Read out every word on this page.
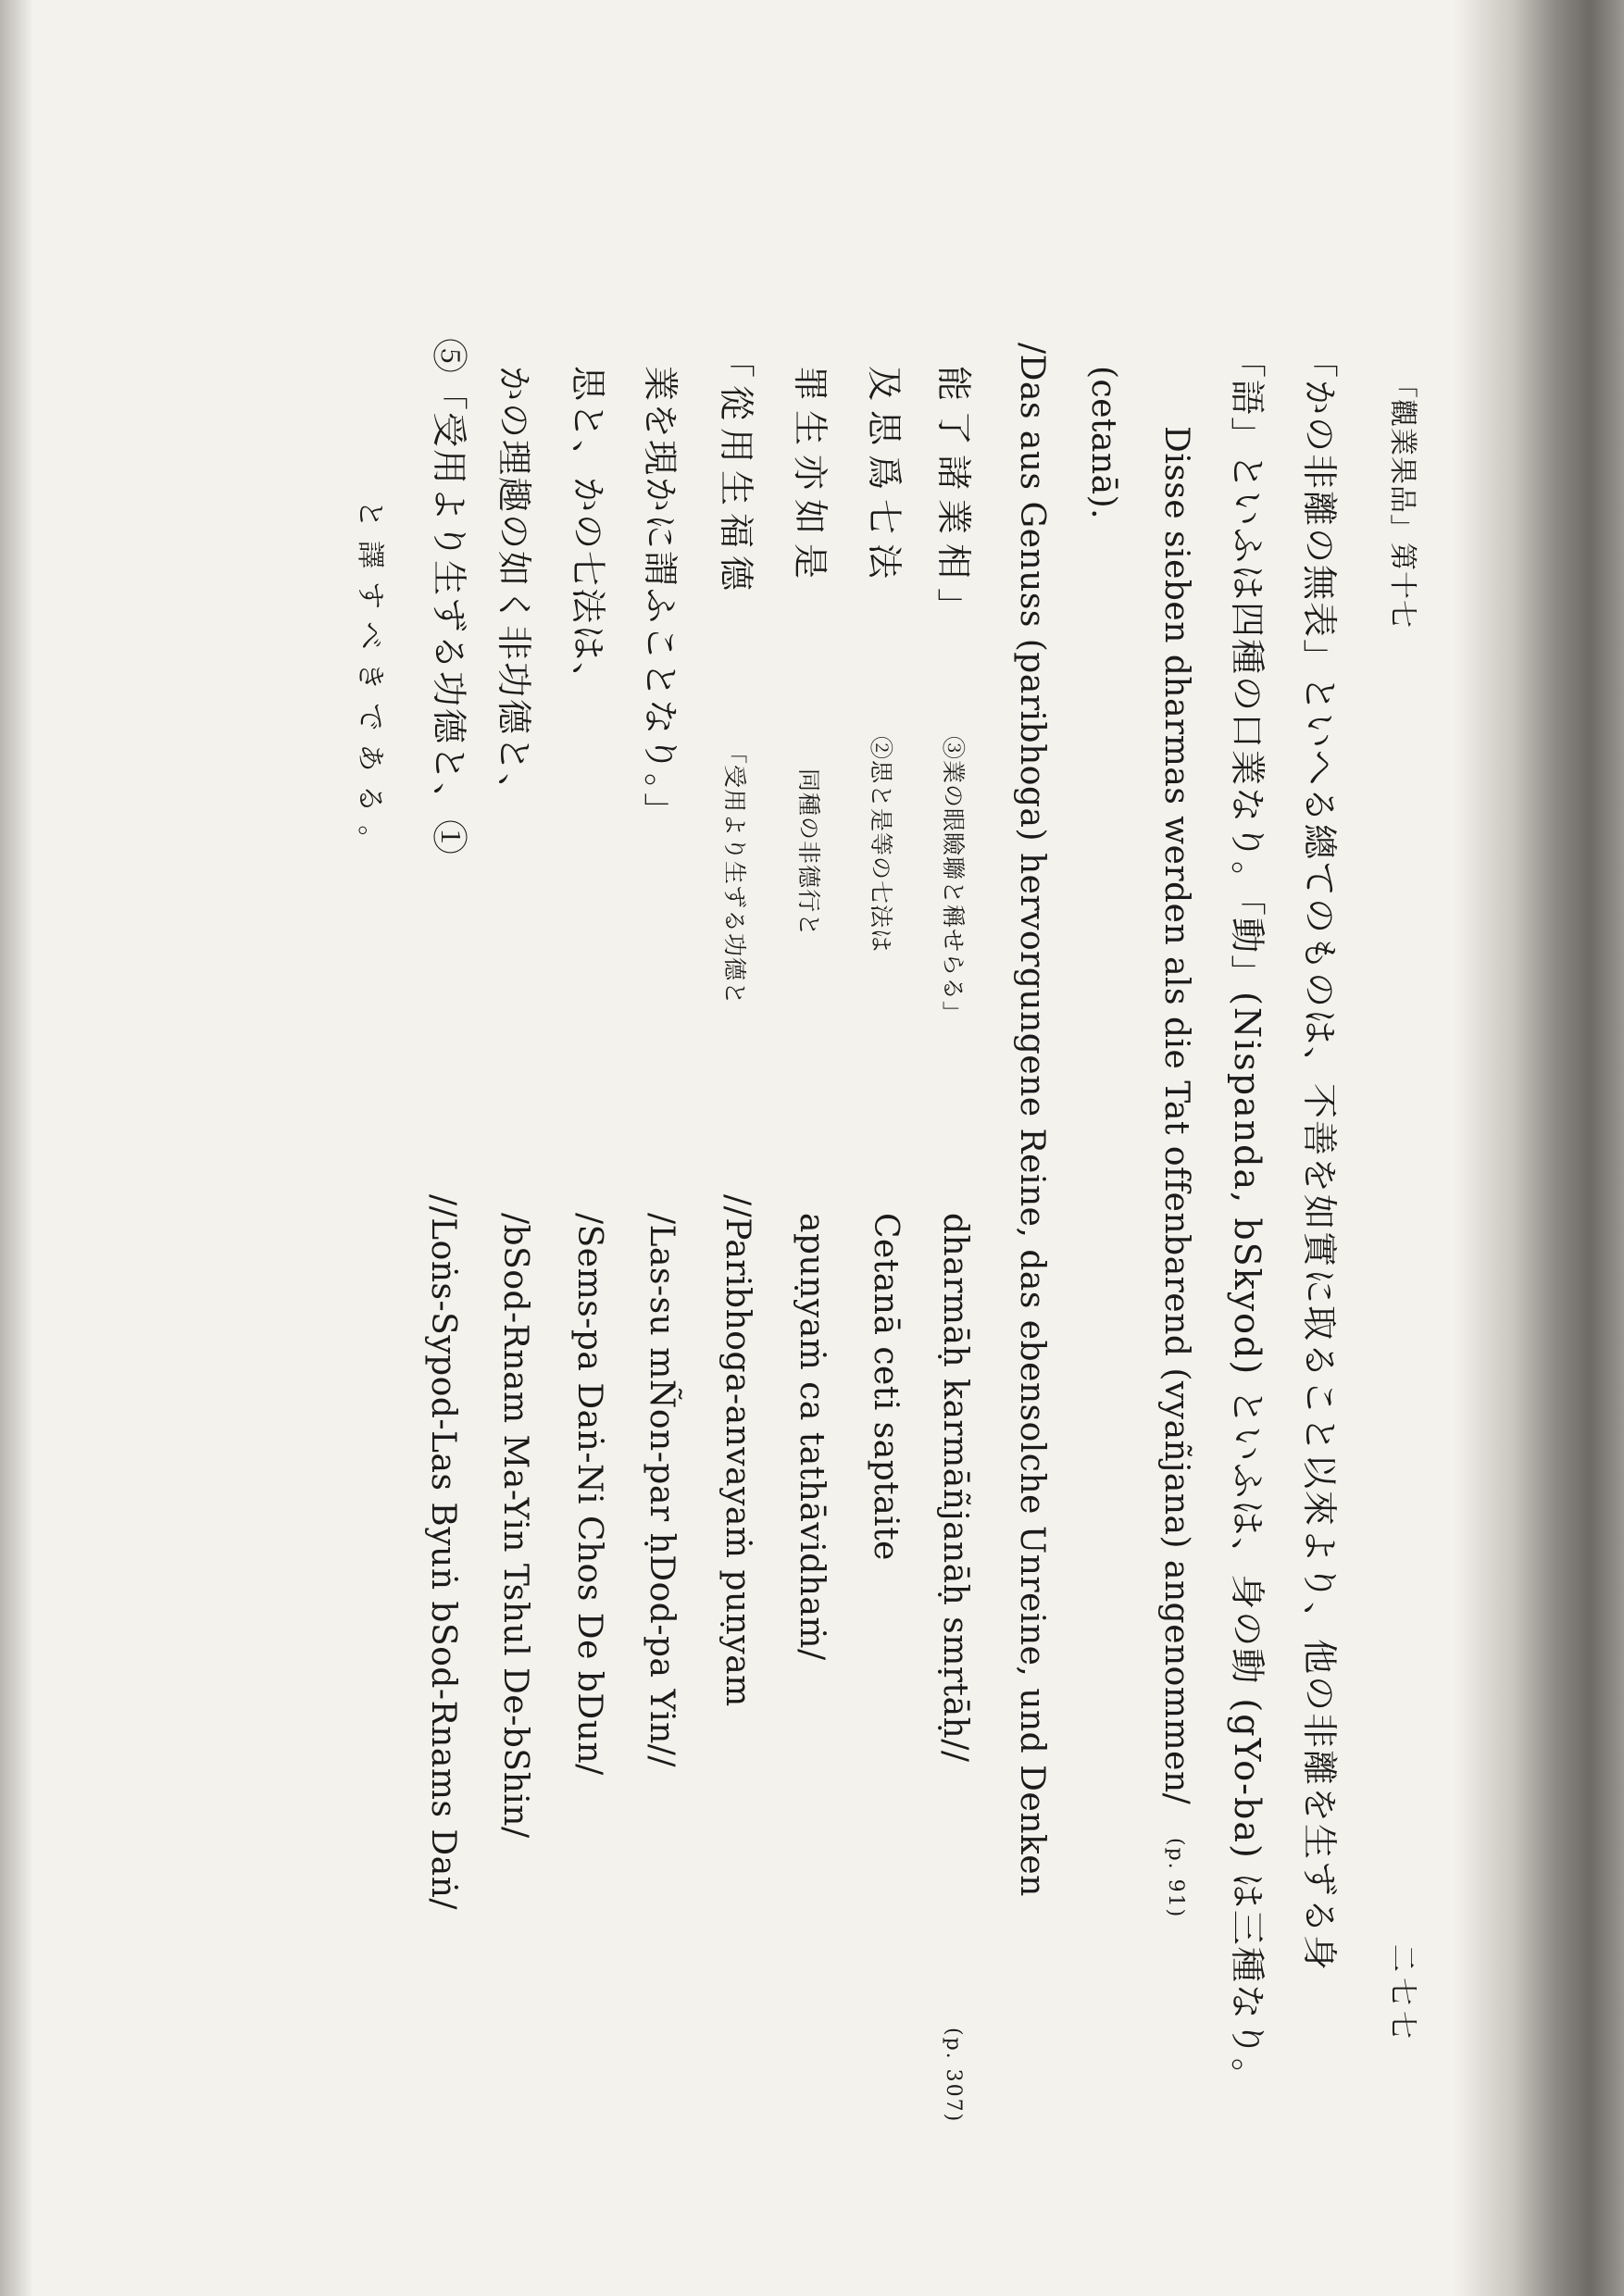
と譯すべきである。 ⑤「受用より生ずる功德と、① かの理趣の如く非功德と、 思と、かの七法は、 業を現かに謂ふことなり。」 「從用生福德 罪生亦如是 及思爲七法 能了諸業相」
「受用より生ずる功德と 同種の非德行と ②思と是等の七法は ③業の眼瞼聯と稱せらる」
//Loṅs-Sypod-Las Byuṅ bSod-Rnams Daṅ/ /bSod-Rnam Ma-Yin Tshul De-bShin/ /Sems-pa Daṅ-Ni Chos De bDun/ /Las-su mÑon-par ḥDod-pa Yin// //Paribhoga-anvayaṁ puṇyam apuṇyaṁ ca tathāvidhaṁ/ Cetanā ceti saptaite dharmāḥ karmāñjanāḥ smṛtāḥ//
(p. 307)
/Das aus Genuss (paribhoga) hervorgungene Reine, das ebensolche Unreine, und Denken (cetanā). Disse sieben dharmas werden als die Tat offenbarend (vyañjana) angenommen/
(p. 91) 「語」といふは四種の口業なり。「動」(Nispanda, bSkyod) といふは、身の動 (gYo-ba) は三種なり。 「かの非離の無表」といへる總てのものは、不善を如實に取ること以來より、他の非離を生ずる身 「觀業果品」第十七
二七七
